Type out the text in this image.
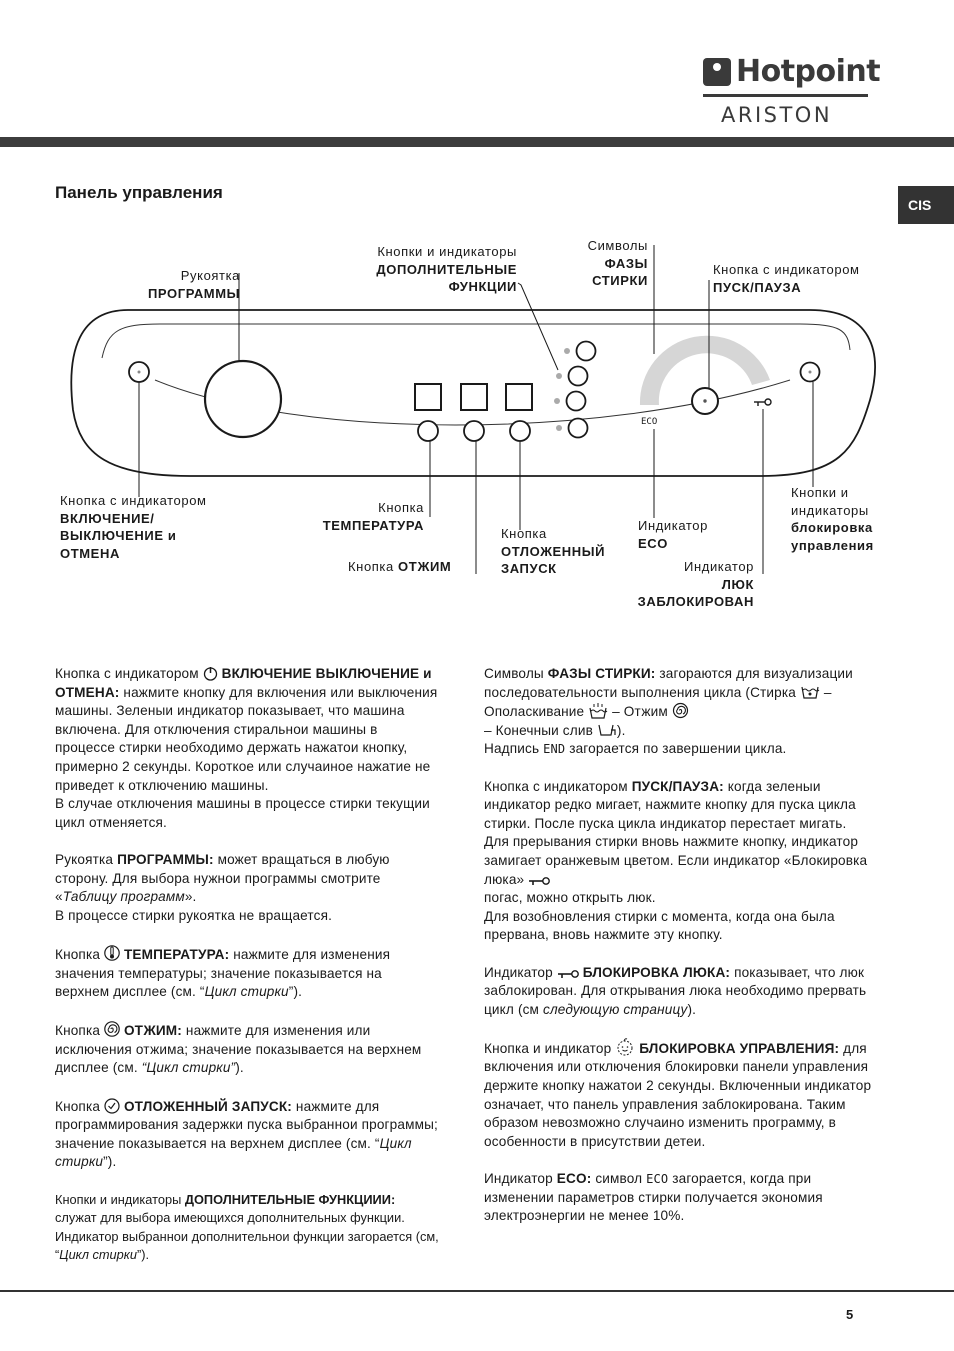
Hotpoint
ARISTON
CIS
Панель управления
ECO
Рукоятка
ПРОГРАММЫ
Кнопки и индикаторы
ДОПОЛНИТЕЛЬНЫЕ
ФУНКЦИИ
Символы
ФАЗЫ
СТИРКИ
Кнопка с индикатором
ПУСК/ПАУЗА
Кнопка с индикатором
ВКЛЮЧЕНИЕ/
ВЫКЛЮЧЕНИЕ и
ОТМЕНА
Кнопка
ТЕМПЕРАТУРА
Кнопка ОТЖИМ
Кнопка
ОТЛОЖЕННЫЙ
ЗАПУСК
Индикатор
ECO
Индикатор
ЛЮК
ЗАБЛОКИРОВАН
Кнопки и
индикаторы
блокировка
управления

Кнопка с индикатором ВКЛЮЧЕНИЕ ВЫКЛЮЧЕНИЕ и ОТМЕНА: нажмите кнопку для включения или выключения машины. Зеленыи индикатор показывает, что машина включена. Для отключения стиральнои машины в процессе стирки необходимо держать нажатои кнопку, примерно 2 секунды. Короткое или случаиное нажатие не приведет к отключению машины.
В случае отключения машины в процессе стирки текущии цикл отменяется.

Рукоятка ПРОГРАММЫ: может вращаться в любую сторону. Для выбора нужнои программы смотрите «Таблицу программ».
В процессе стирки рукоятка не вращается.

Кнопка ТЕМПЕРАТУРА: нажмите для изменения значения температуры; значение показывается на верхнем дисплее (см. “Цикл стирки”).

Кнопка ОТЖИМ: нажмите для изменения или исключения отжима; значение показывается на верхнем дисплее (см. “Цикл стирки”).

Кнопка ОТЛОЖЕННЫЙ ЗАПУСК: нажмите для программирования задержки пуска выбраннои программы; значение показывается на верхнем дисплее (см. “Цикл стирки”).

Кнопки и индикаторы ДОПОЛНИТЕЛЬНЫЕ ФУНКЦИИИ: служат для выбора имеющихся дополнительных функции. Индикатор выбраннои дополнительнои функции загорается (см, “Цикл стирки”).

Символы ФАЗЫ СТИРКИ: загораются для визуализации последовательности выполнения цикла (Стирка – Ополаскивание – Отжим
– Конечныи слив ).
Надпись END загорается по завершении цикла.

Кнопка с индикатором ПУСК/ПАУЗА: когда зеленыи индикатор редко мигает, нажмите кнопку для пуска цикла стирки. После пуска цикла индикатор перестает мигать. Для прерывания стирки вновь нажмите кнопку, индикатор замигает оранжевым цветом. Если индикатор «Блокировка люка»
погас, можно открыть люк.
Для возобновления стирки с момента, когда она была прервана, вновь нажмите эту кнопку.

Индикатор БЛОКИРОВКА ЛЮКА: показывает, что люк заблокирован. Для открывания люка необходимо прервать цикл (см следующую страницу).

Кнопка и индикатор БЛОКИРОВКА УПРАВЛЕНИЯ: для включения или отключения блокировки панели управления держите кнопку нажатои 2 секунды. Включенныи индикатор означает, что панель управления заблокирована. Таким образом невозможно случаино изменить программу, в особенности в присутствии детеи.

Индикатор ECO: символ ECO загорается, когда при изменении параметров стирки получается экономия электроэнергии не менее 10%.

5
